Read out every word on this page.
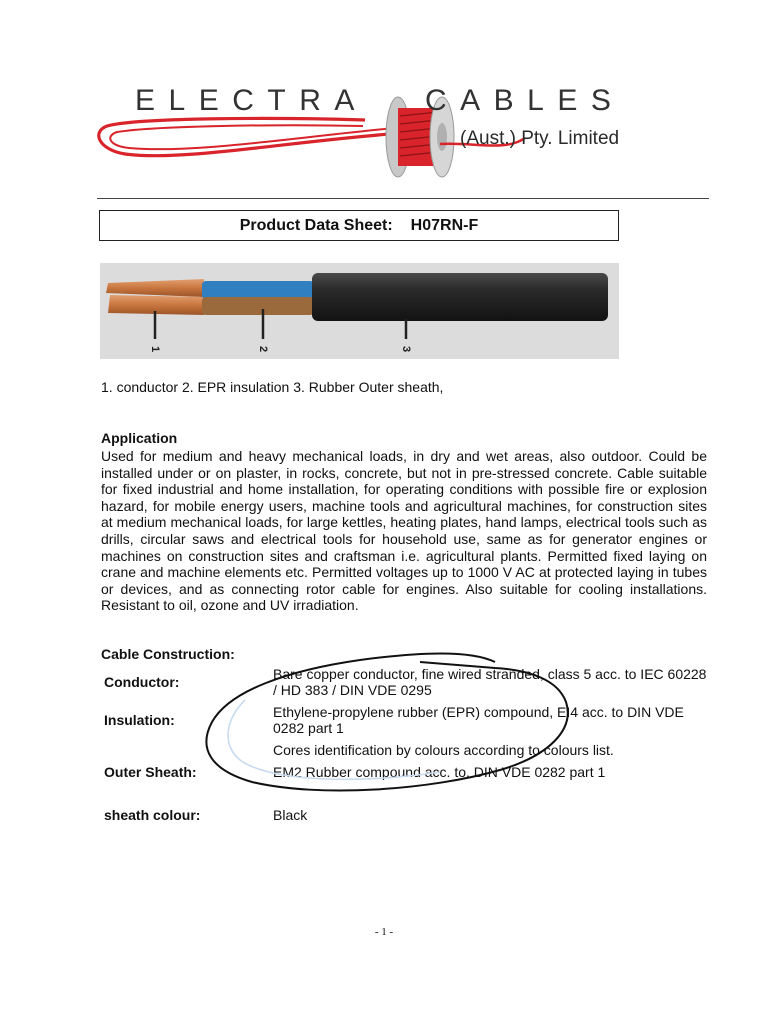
ELECTRA CABLES
(Aust.) Pty. Limited
Product Data Sheet: H07RN-F
1	2	3
1. conductor 2. EPR insulation 3. Rubber Outer sheath,
Application
Used for medium and heavy mechanical loads, in dry and wet areas, also outdoor. Could be installed under or on plaster, in rocks, concrete, but not in pre-stressed concrete. Cable suitable for fixed industrial and home installation, for operating conditions with possible fire or explosion hazard, for mobile energy users, machine tools and agricultural machines, for construction sites at medium mechanical loads, for large kettles, heating plates, hand lamps, electrical tools such as drills, circular saws and electrical tools for household use, same as for generator engines or machines on construction sites and craftsman i.e. agricultural plants. Permitted fixed laying on crane and machine elements etc. Permitted voltages up to 1000 V AC at protected laying in tubes or devices, and as connecting rotor cable for engines. Also suitable for cooling installations. Resistant to oil, ozone and UV irradiation.
Cable Construction:
Conductor:	Bare copper conductor, fine wired stranded, class 5 acc. to IEC 60228 / HD 383 / DIN VDE 0295
Insulation:	Ethylene-propylene rubber (EPR) compound, EI4 acc. to DIN VDE 0282 part 1
Cores identification by colours according to colours list.
Outer Sheath:	EM2 Rubber compound acc. to. DIN VDE 0282 part 1
sheath colour:	Black
- 1 -
